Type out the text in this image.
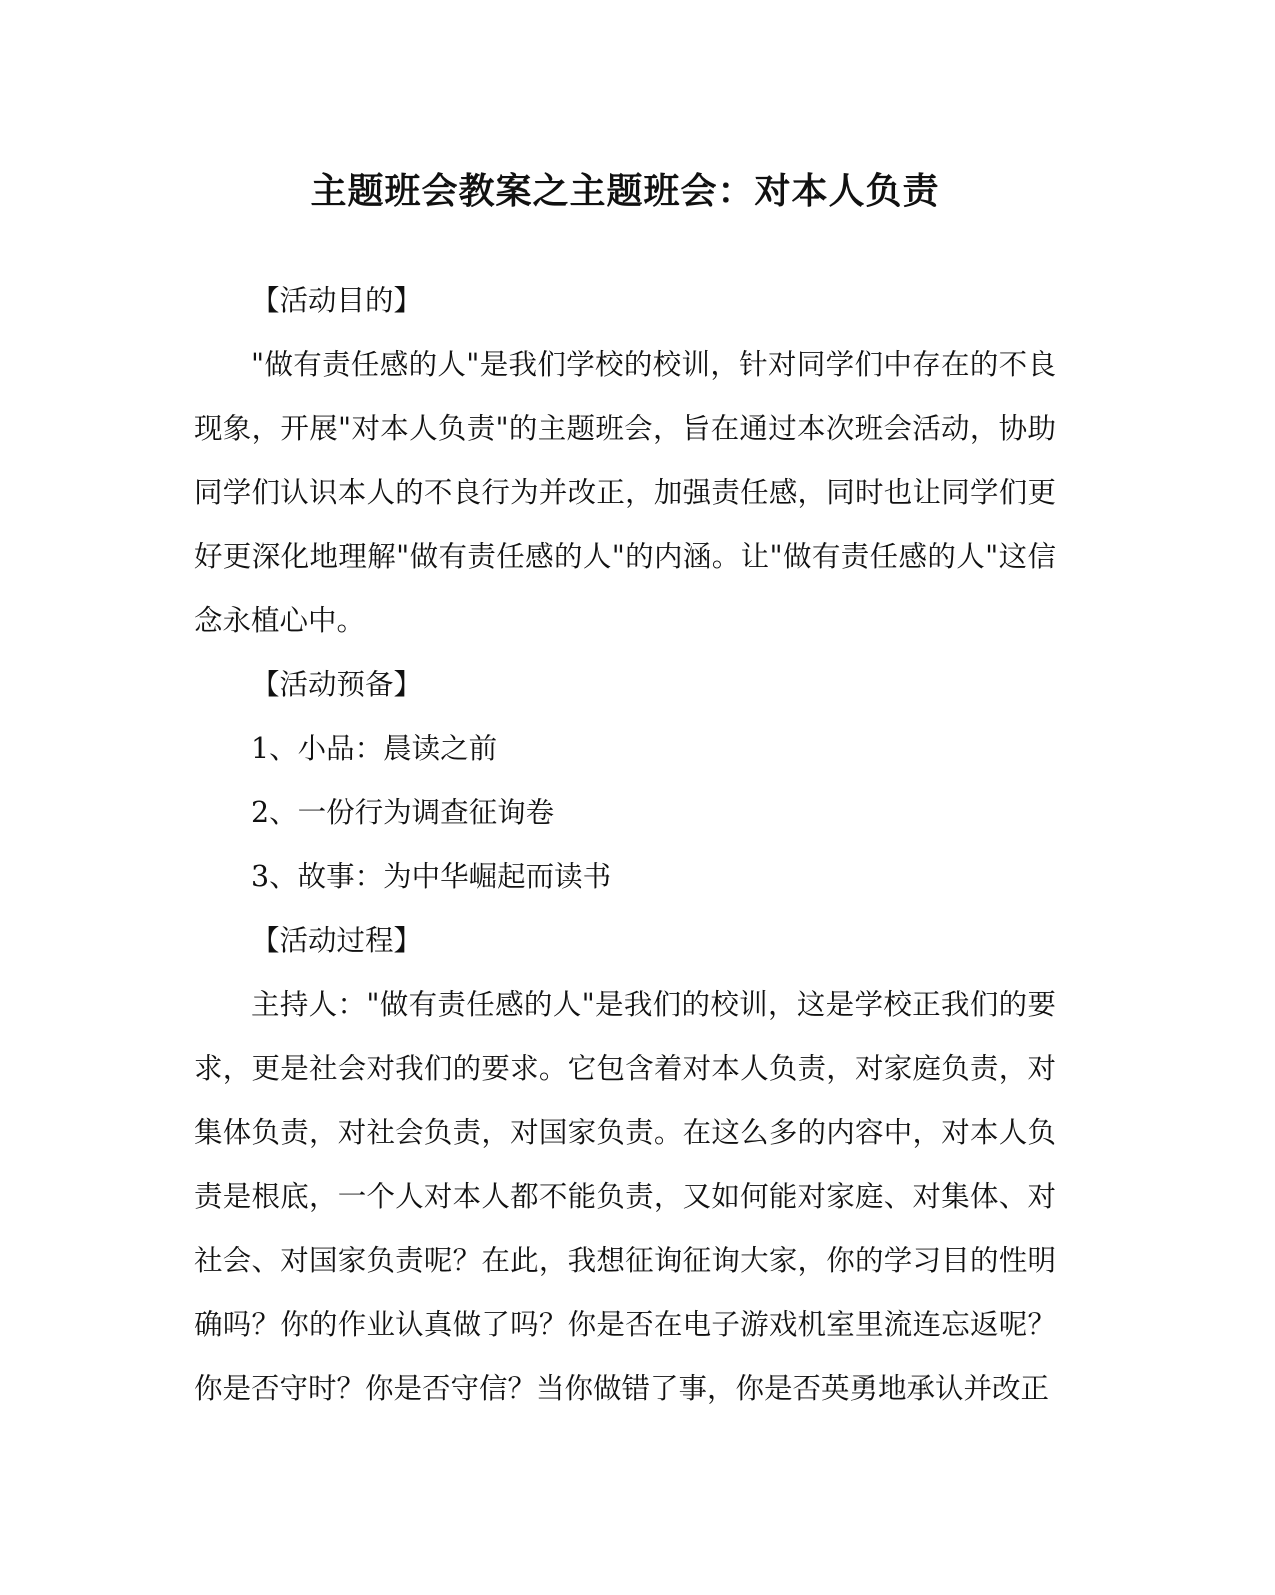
主题班会教案之主题班会：对本人负责

【活动目的】

"做有责任感的人"是我们学校的校训，针对同学们中存在的不良现象，开展"对本人负责"的主题班会，旨在通过本次班会活动，协助同学们认识本人的不良行为并改正，加强责任感，同时也让同学们更好更深化地理解"做有责任感的人"的内涵。让"做有责任感的人"这信念永植心中。

【活动预备】

1、小品：晨读之前

2、一份行为调查征询卷

3、故事：为中华崛起而读书

【活动过程】

主持人："做有责任感的人"是我们的校训，这是学校正我们的要求，更是社会对我们的要求。它包含着对本人负责，对家庭负责，对集体负责，对社会负责，对国家负责。在这么多的内容中，对本人负责是根底，一个人对本人都不能负责，又如何能对家庭、对集体、对社会、对国家负责呢？在此，我想征询征询大家，你的学习目的性明确吗？你的作业认真做了吗？你是否在电子游戏机室里流连忘返呢？你是否守时？你是否守信？当你做错了事，你是否英勇地承认并改正
